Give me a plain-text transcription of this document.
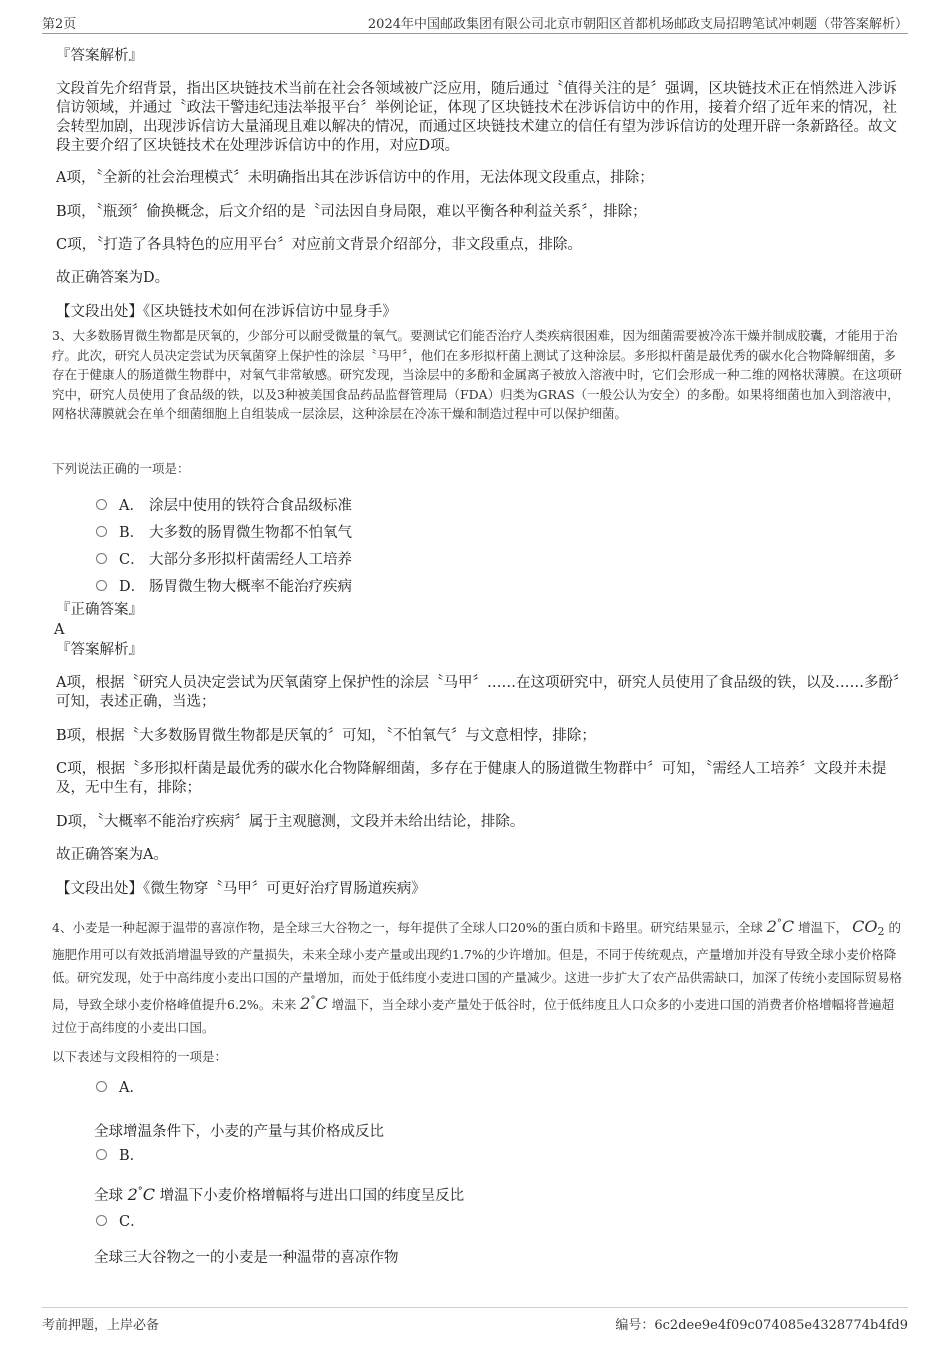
第2页	2024年中国邮政集团有限公司北京市朝阳区首都机场邮政支局招聘笔试冲刺题（带答案解析）
『答案解析』
文段首先介绍背景，指出区块链技术当前在社会各领域被广泛应用，随后通过〝值得关注的是〞强调，区块链技术正在悄然进入涉诉信访领域，并通过〝政法干警违纪违法举报平台〞举例论证，体现了区块链技术在涉诉信访中的作用，接着介绍了近年来的情况，社会转型加剧，出现涉诉信访大量涌现且难以解决的情况，而通过区块链技术建立的信任有望为涉诉信访的处理开辟一条新路径。故文段主要介绍了区块链技术在处理涉诉信访中的作用，对应D项。
A项，〝全新的社会治理模式〞未明确指出其在涉诉信访中的作用，无法体现文段重点，排除；
B项，〝瓶颈〞偷换概念，后文介绍的是〝司法因自身局限，难以平衡各种利益关系〞，排除；
C项，〝打造了各具特色的应用平台〞对应前文背景介绍部分，非文段重点，排除。
故正确答案为D。
【文段出处】《区块链技术如何在涉诉信访中显身手》
3、大多数肠胃微生物都是厌氧的，少部分可以耐受微量的氧气。要测试它们能否治疗人类疾病很困难，因为细菌需要被冷冻干燥并制成胶囊，才能用于治疗。此次，研究人员决定尝试为厌氧菌穿上保护性的涂层〝马甲〞，他们在多形拟杆菌上测试了这种涂层。多形拟杆菌是最优秀的碳水化合物降解细菌，多存在于健康人的肠道微生物群中，对氧气非常敏感。研究发现，当涂层中的多酚和金属离子被放入溶液中时，它们会形成一种二维的网格状薄膜。在这项研究中，研究人员使用了食品级的铁，以及3种被美国食品药品监督管理局（FDA）归类为GRAS（一般公认为安全）的多酚。如果将细菌也加入到溶液中，网格状薄膜就会在单个细菌细胞上自组装成一层涂层，这种涂层在冷冻干燥和制造过程中可以保护细菌。
下列说法正确的一项是：
A． 涂层中使用的铁符合食品级标准
B． 大多数的肠胃微生物都不怕氧气
C． 大部分多形拟杆菌需经人工培养
D． 肠胃微生物大概率不能治疗疾病
『正确答案』
A
『答案解析』
A项，根据〝研究人员决定尝试为厌氧菌穿上保护性的涂层〝马甲〞……在这项研究中，研究人员使用了食品级的铁，以及……多酚〞可知，表述正确，当选；
B项，根据〝大多数肠胃微生物都是厌氧的〞可知，〝不怕氧气〞与文意相悖，排除；
C项，根据〝多形拟杆菌是最优秀的碳水化合物降解细菌，多存在于健康人的肠道微生物群中〞可知，〝需经人工培养〞文段并未提及，无中生有，排除；
D项，〝大概率不能治疗疾病〞属于主观臆测，文段并未给出结论，排除。
故正确答案为A。
【文段出处】《微生物穿〝马甲〞可更好治疗胃肠道疾病》
4、小麦是一种起源于温带的喜凉作物，是全球三大谷物之一，每年提供了全球人口20%的蛋白质和卡路里。研究结果显示，全球 2°C 增温下， $CO_2$ 的施肥作用可以有效抵消增温导致的产量损失，未来全球小麦产量或出现约1.7%的少许增加。但是，不同于传统观点，产量增加并没有导致全球小麦价格降低。研究发现，处于中高纬度小麦出口国的产量增加，而处于低纬度小麦进口国的产量减少。这进一步扩大了农产品供需缺口，加深了传统小麦国际贸易格局，导致全球小麦价格峰值提升6.2%。未来 2°C 增温下，当全球小麦产量处于低谷时，位于低纬度且人口众多的小麦进口国的消费者价格增幅将普遍超过位于高纬度的小麦出口国。
以下表述与文段相符的一项是：
A．
全球增温条件下，小麦的产量与其价格成反比
B．
全球 2°C 增温下小麦价格增幅将与进出口国的纬度呈反比
C．
全球三大谷物之一的小麦是一种温带的喜凉作物
考前押题，上岸必备	编号：6c2dee9e4f09c074085e4328774b4fd9
